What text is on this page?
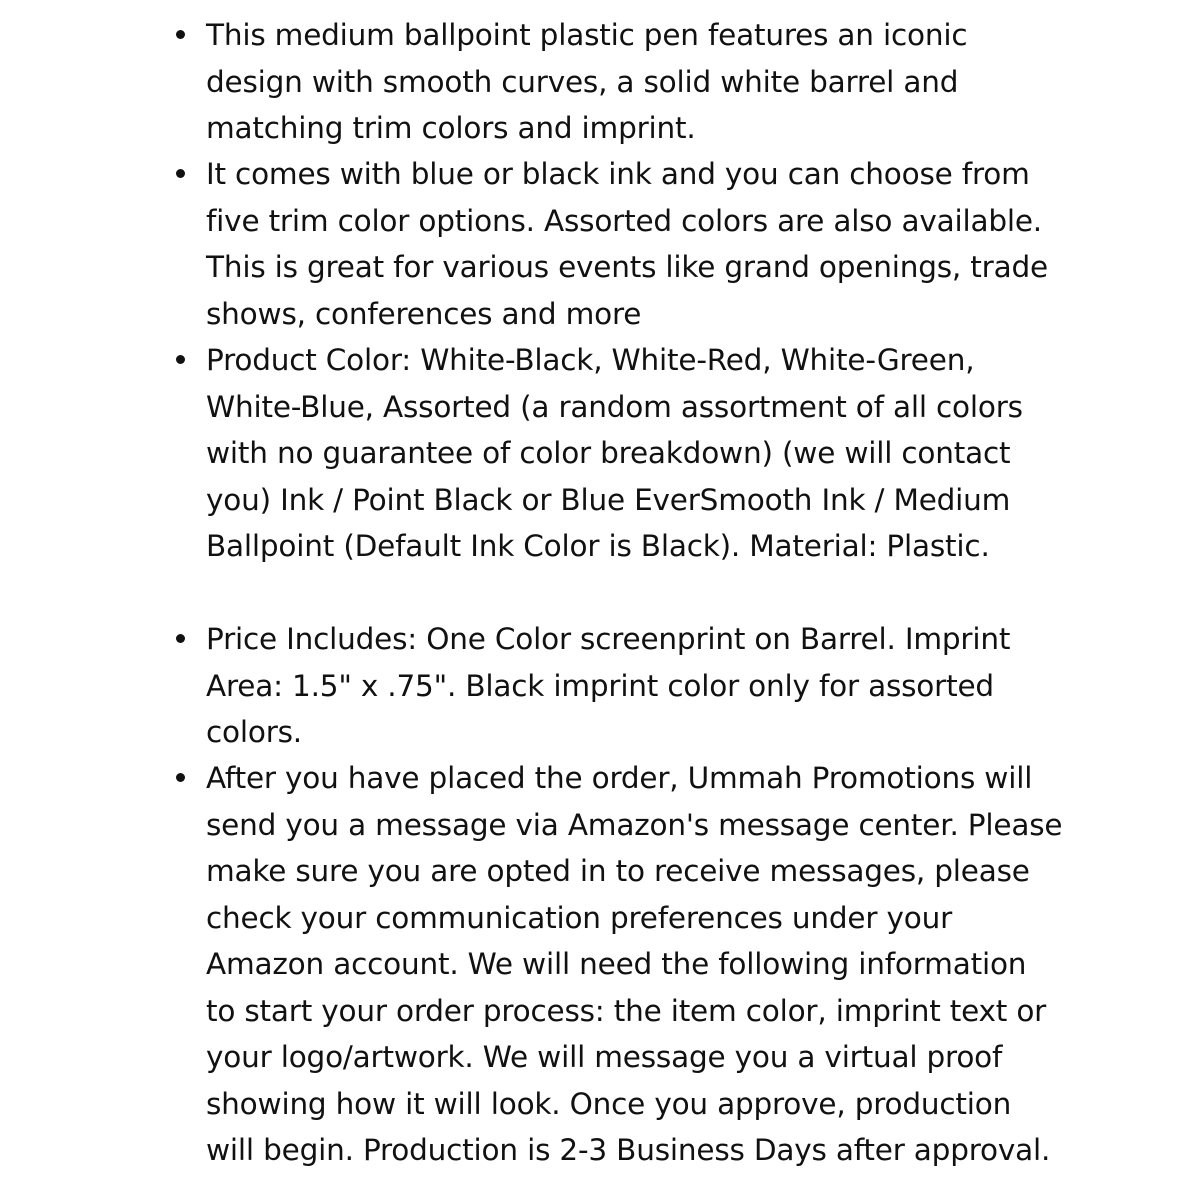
This medium ballpoint plastic pen features an iconic
design with smooth curves, a solid white barrel and
matching trim colors and imprint.
It comes with blue or black ink and you can choose from
five trim color options. Assorted colors are also available.
This is great for various events like grand openings, trade
shows, conferences and more
Product Color: White-Black, White-Red, White-Green,
White-Blue, Assorted (a random assortment of all colors
with no guarantee of color breakdown) (we will contact
you) Ink / Point Black or Blue EverSmooth Ink / Medium
Ballpoint (Default Ink Color is Black). Material: Plastic.
Price Includes: One Color screenprint on Barrel. Imprint
Area: 1.5" x .75". Black imprint color only for assorted
colors.
After you have placed the order, Ummah Promotions will
send you a message via Amazon's message center. Please
make sure you are opted in to receive messages, please
check your communication preferences under your
Amazon account. We will need the following information
to start your order process: the item color, imprint text or
your logo/artwork. We will message you a virtual proof
showing how it will look. Once you approve, production
will begin. Production is 2-3 Business Days after approval.
